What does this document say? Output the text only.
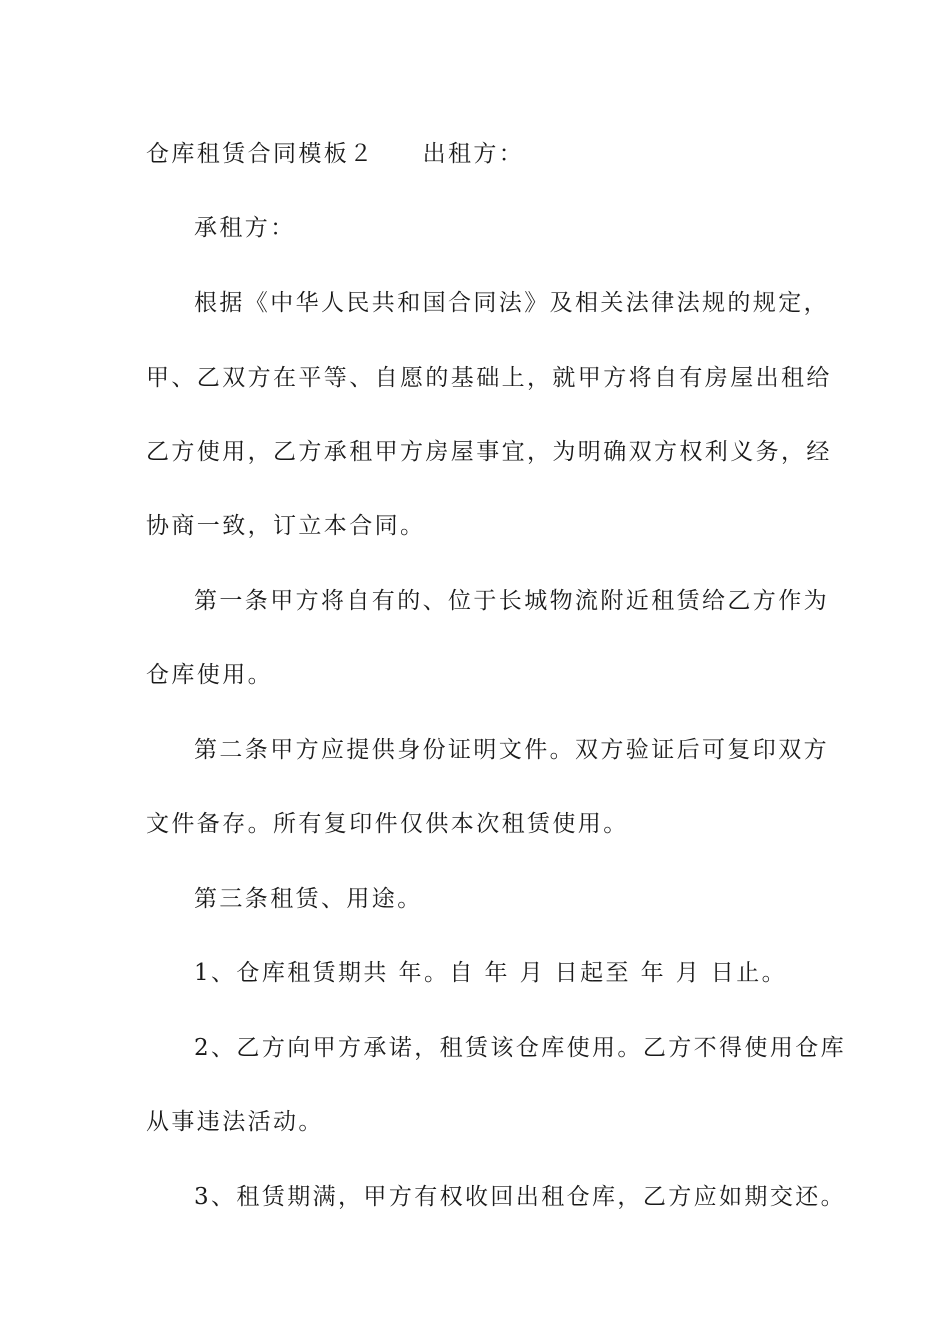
仓库租赁合同模板２ 出租方：
承租方：
根据《中华人民共和国合同法》及相关法律法规的规定，
甲、乙双方在平等、自愿的基础上，就甲方将自有房屋出租给
乙方使用，乙方承租甲方房屋事宜，为明确双方权利义务，经
协商一致，订立本合同。
第一条甲方将自有的、位于长城物流附近租赁给乙方作为
仓库使用。
第二条甲方应提供身份证明文件。双方验证后可复印双方
文件备存。所有复印件仅供本次租赁使用。
第三条租赁、用途。
1、仓库租赁期共 年。自 年 月 日起至 年 月 日止。
2、乙方向甲方承诺，租赁该仓库使用。乙方不得使用仓库
从事违法活动。
3、租赁期满，甲方有权收回出租仓库，乙方应如期交还。
